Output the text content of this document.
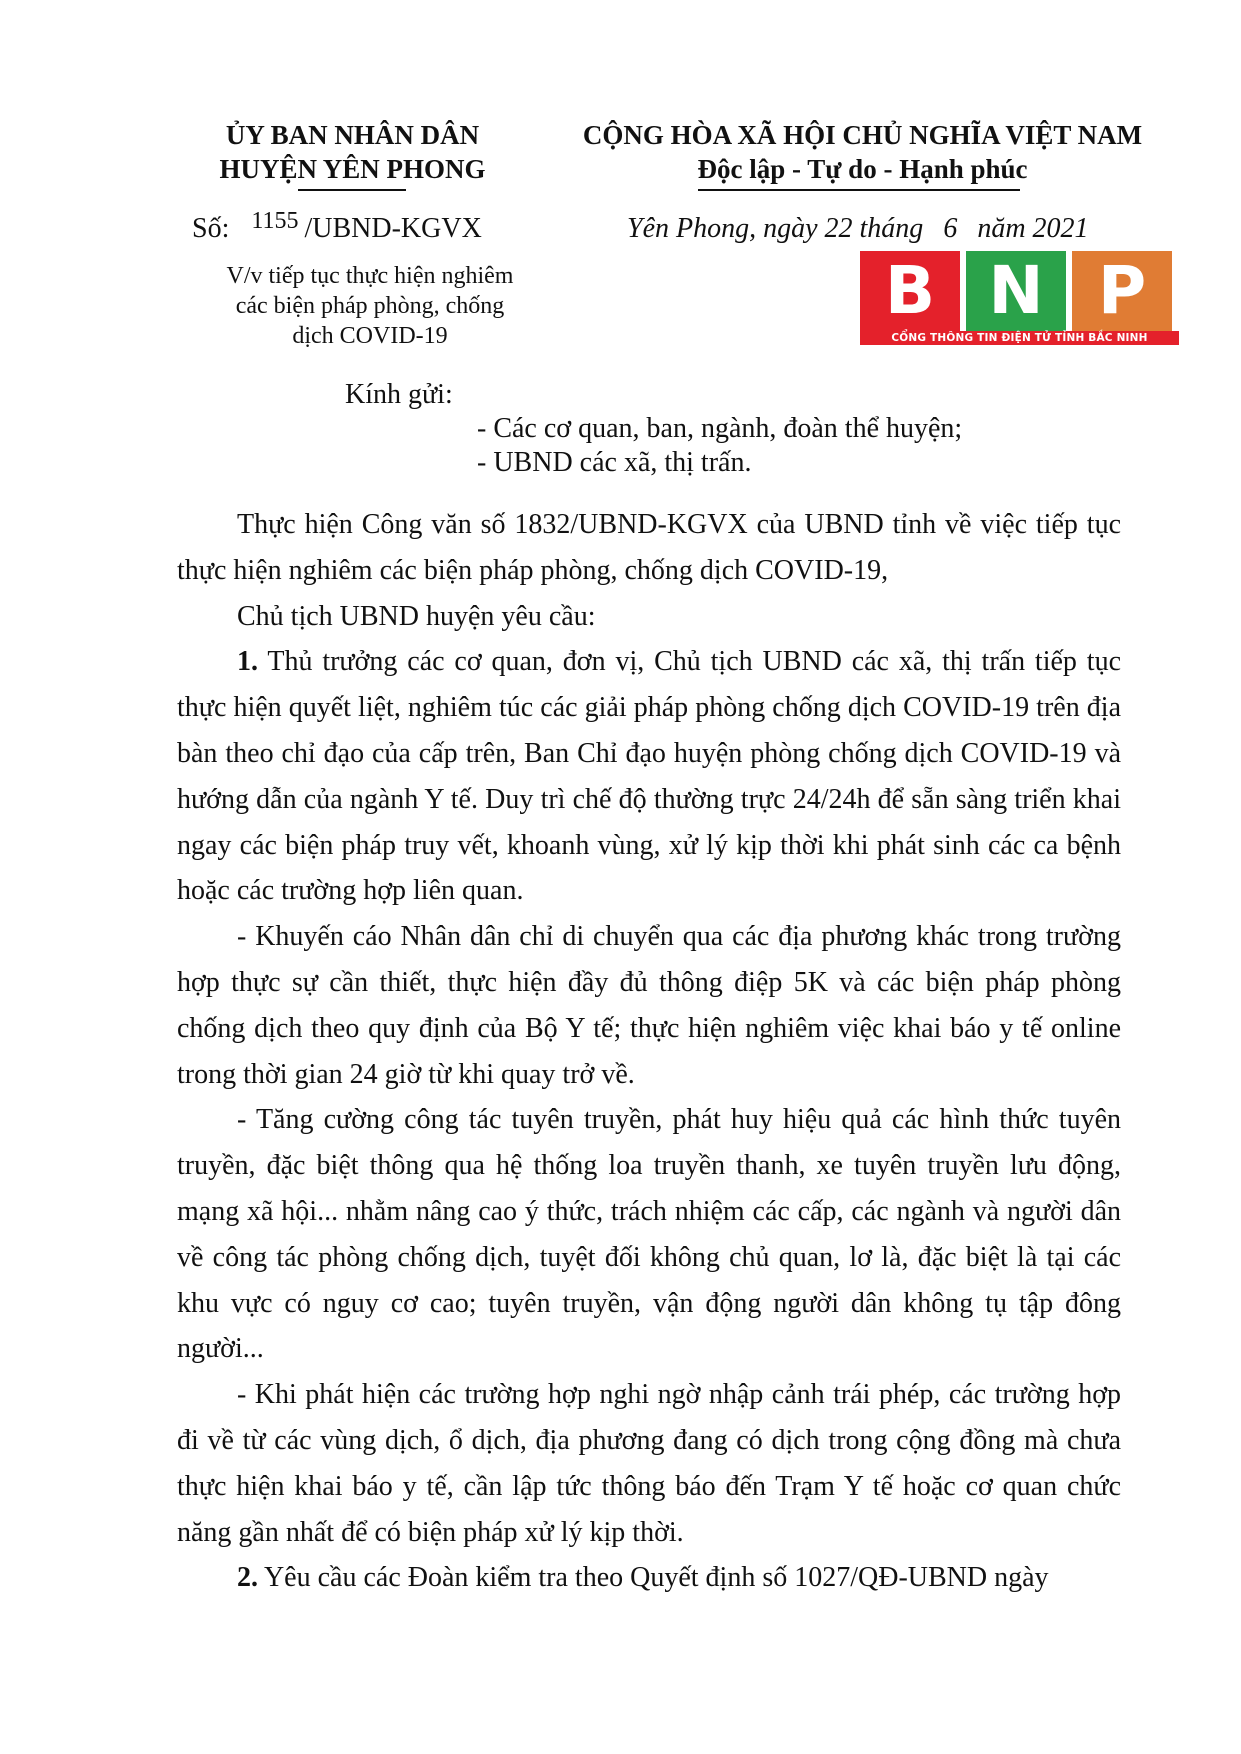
ỦY BAN NHÂN DÂN
HUYỆN YÊN PHONG
CỘNG HÒA XÃ HỘI CHỦ NGHĨA VIỆT NAM
Độc lập - Tự do - Hạnh phúc
Số: 1155 /UBND-KGVX
V/v tiếp tục thực hiện nghiêm
các biện pháp phòng, chống
dịch COVID-19
Yên Phong, ngày 22 tháng 6 năm 2021
B N P
CỔNG THÔNG TIN ĐIỆN TỬ TỈNH BẮC NINH
Kính gửi:
- Các cơ quan, ban, ngành, đoàn thể huyện;
- UBND các xã, thị trấn.

Thực hiện Công văn số 1832/UBND-KGVX của UBND tỉnh về việc tiếp tục thực hiện nghiêm các biện pháp phòng, chống dịch COVID-19,

Chủ tịch UBND huyện yêu cầu:

1. Thủ trưởng các cơ quan, đơn vị, Chủ tịch UBND các xã, thị trấn tiếp tục thực hiện quyết liệt, nghiêm túc các giải pháp phòng chống dịch COVID-19 trên địa bàn theo chỉ đạo của cấp trên, Ban Chỉ đạo huyện phòng chống dịch COVID-19 và hướng dẫn của ngành Y tế. Duy trì chế độ thường trực 24/24h để sẵn sàng triển khai ngay các biện pháp truy vết, khoanh vùng, xử lý kịp thời khi phát sinh các ca bệnh hoặc các trường hợp liên quan.

- Khuyến cáo Nhân dân chỉ di chuyển qua các địa phương khác trong trường hợp thực sự cần thiết, thực hiện đầy đủ thông điệp 5K và các biện pháp phòng chống dịch theo quy định của Bộ Y tế; thực hiện nghiêm việc khai báo y tế online trong thời gian 24 giờ từ khi quay trở về.

- Tăng cường công tác tuyên truyền, phát huy hiệu quả các hình thức tuyên truyền, đặc biệt thông qua hệ thống loa truyền thanh, xe tuyên truyền lưu động, mạng xã hội... nhằm nâng cao ý thức, trách nhiệm các cấp, các ngành và người dân về công tác phòng chống dịch, tuyệt đối không chủ quan, lơ là, đặc biệt là tại các khu vực có nguy cơ cao; tuyên truyền, vận động người dân không tụ tập đông người...

- Khi phát hiện các trường hợp nghi ngờ nhập cảnh trái phép, các trường hợp đi về từ các vùng dịch, ổ dịch, địa phương đang có dịch trong cộng đồng mà chưa thực hiện khai báo y tế, cần lập tức thông báo đến Trạm Y tế hoặc cơ quan chức năng gần nhất để có biện pháp xử lý kịp thời.

2. Yêu cầu các Đoàn kiểm tra theo Quyết định số 1027/QĐ-UBND ngày
